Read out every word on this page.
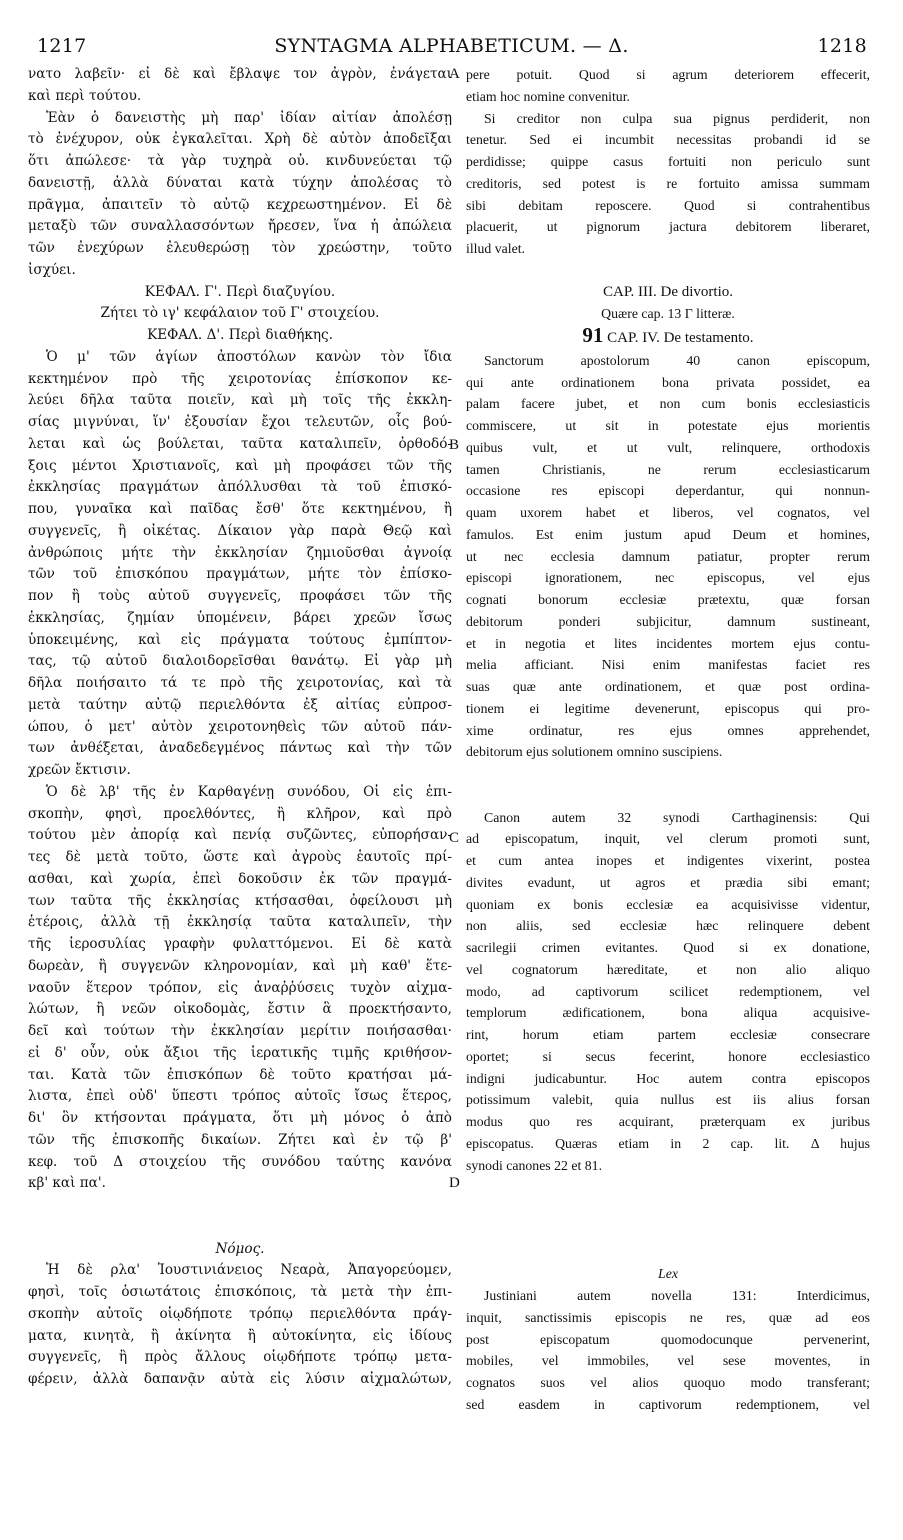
1217	SYNTAGMA ALPHABETICUM. — Δ.	1218
A
B
C
D
νατο λαβεῖν· εἰ δὲ καὶ ἔβλαψε τον ἀγρὸν, ἐνάγεται
καὶ περὶ τούτου.
Ἐὰν ὁ δανειστὴς μὴ παρ' ἰδίαν αἰτίαν ἀπολέσῃ
τὸ ἐνέχυρον, οὐκ ἐγκαλεῖται. Χρὴ δὲ αὐτὸν ἀποδεῖξαι
ὅτι ἀπώλεσε· τὰ γὰρ τυχηρὰ οὐ. κινδυνεύεται τῷ
δανειστῇ, ἀλλὰ δύναται κατὰ τύχην ἀπολέσας τὸ
πρᾶγμα, ἀπαιτεῖν τὸ αὐτῷ κεχρεωστημένον. Εἰ δὲ
μεταξὺ τῶν συναλλασσόντων ἤρεσεν, ἵνα ἡ ἀπώλεια
τῶν ἐνεχύρων ἐλευθερώσῃ τὸν χρεώστην, τοῦτο
ἰσχύει.
ΚΕΦΑΛ. Γ'. Περὶ διαζυγίου.
Ζήτει τὸ ιγ' κεφάλαιον τοῦ Γ' στοιχείου.
ΚΕΦΑΛ. Δ'. Περὶ διαθήκης.
Ὁ μ' τῶν ἁγίων ἀποστόλων κανὼν τὸν ἴδια
κεκτημένον πρὸ τῆς χειροτονίας ἐπίσκοπον κε-
λεύει δῆλα ταῦτα ποιεῖν, καὶ μὴ τοῖς τῆς ἐκκλη-
σίας μιγνύναι, ἵν' ἐξουσίαν ἔχοι τελευτῶν, οἷς βού-
λεται καὶ ὡς βούλεται, ταῦτα καταλιπεῖν, ὀρθοδό-
ξοις μέντοι Χριστιανοῖς, καὶ μὴ προφάσει τῶν τῆς
ἐκκλησίας πραγμάτων ἀπόλλυσθαι τὰ τοῦ ἐπισκό-
που, γυναῖκα καὶ παῖδας ἔσθ' ὅτε κεκτημένου, ἢ
συγγενεῖς, ἢ οἰκέτας. Δίκαιον γὰρ παρὰ Θεῷ καὶ
ἀνθρώποις μήτε τὴν ἐκκλησίαν ζημιοῦσθαι ἀγνοίᾳ
τῶν τοῦ ἐπισκόπου πραγμάτων, μήτε τὸν ἐπίσκο-
πον ἢ τοὺς αὐτοῦ συγγενεῖς, προφάσει τῶν τῆς
ἐκκλησίας, ζημίαν ὑπομένειν, βάρει χρεῶν ἴσως
ὑποκειμένης, καὶ εἰς πράγματα τούτους ἐμπίπτον-
τας, τῷ αὐτοῦ διαλοιδορεῖσθαι θανάτῳ. Εἰ γὰρ μὴ
δῆλα ποιήσαιτο τά τε πρὸ τῆς χειροτονίας, καὶ τὰ
μετὰ ταύτην αὐτῷ περιελθόντα ἐξ αἰτίας εὐπροσ-
ώπου, ὁ μετ' αὐτὸν χειροτονηθεὶς τῶν αὐτοῦ πάν-
των ἀνθέξεται, ἀναδεδεγμένος πάντως καὶ τὴν τῶν
χρεῶν ἔκτισιν.
Ὁ δὲ λβ' τῆς ἐν Καρθαγένῃ συνόδου, Οἱ εἰς ἐπι-
σκοπὴν, φησὶ, προελθόντες, ἢ κλῆρον, καὶ πρὸ
τούτου μὲν ἀπορίᾳ καὶ πενίᾳ συζῶντες, εὐπορήσαν-
τες δὲ μετὰ τοῦτο, ὥστε καὶ ἀγροὺς ἑαυτοῖς πρί-
ασθαι, καὶ χωρία, ἐπεὶ δοκοῦσιν ἐκ τῶν πραγμά-
των ταῦτα τῆς ἐκκλησίας κτήσασθαι, ὀφείλουσι μὴ
ἑτέροις, ἀλλὰ τῇ ἐκκλησίᾳ ταῦτα καταλιπεῖν, τὴν
τῆς ἱεροσυλίας γραφὴν φυλαττόμενοι. Εἰ δὲ κατὰ
δωρεὰν, ἢ συγγενῶν κληρονομίαν, καὶ μὴ καθ' ἕτε-
ναοῦν ἕτερον τρόπον, εἰς ἀναῤῥύσεις τυχὸν αἰχμα-
λώτων, ἢ νεῶν οἰκοδομὰς, ἔστιν ἃ προεκτήσαντο,
δεῖ καὶ τούτων τὴν ἐκκλησίαν μερίτιν ποιήσασθαι·
εἰ δ' οὖν, οὐκ ἄξιοι τῆς ἱερατικῆς τιμῆς κριθήσον-
ται. Κατὰ τῶν ἐπισκόπων δὲ τοῦτο κρατήσαι μά-
λιστα, ἐπεὶ οὐδ' ὕπεστι τρόπος αὐτοῖς ἴσως ἕτερος,
δι' ὃν κτήσονται πράγματα, ὅτι μὴ μόνος ὁ ἀπὸ
τῶν τῆς ἐπισκοπῆς δικαίων. Ζήτει καὶ ἐν τῷ β'
κεφ. τοῦ Δ στοιχείου τῆς συνόδου ταύτης κανόνα
κβ' καὶ πα'.
Νόμος.
Ἡ δὲ ρλα' Ἰουστινιάνειος Νεαρὰ, Ἀπαγορεύομεν,
φησὶ, τοῖς ὁσιωτάτοις ἐπισκόποις, τὰ μετὰ τὴν ἐπι-
σκοπὴν αὐτοῖς οἱῳδήποτε τρόπῳ περιελθόντα πράγ-
ματα, κινητὰ, ἢ ἀκίνητα ἢ αὐτοκίνητα, εἰς ἰδίους
συγγενεῖς, ἢ πρὸς ἄλλους οἱῳδήποτε τρόπῳ μετα-
φέρειν, ἀλλὰ δαπανᾷν αὐτὰ εἰς λύσιν αἰχμαλώτων,
pere potuit. Quod si agrum deteriorem effecerit,
etiam hoc nomine convenitur.
Si creditor non culpa sua pignus perdiderit, non
tenetur. Sed ei incumbit necessitas probandi id se
perdidisse; quippe casus fortuiti non periculo sunt
creditoris, sed potest is re fortuito amissa summam
sibi debitam reposcere. Quod si contrahentibus
placuerit, ut pignorum jactura debitorem liberaret,
illud valet.
CAP. III. De divortio.
Quære cap. 13 Γ litteræ.
91 CAP. IV. De testamento.
Sanctorum apostolorum 40 canon episcopum,
qui ante ordinationem bona privata possidet, ea
palam facere jubet, et non cum bonis ecclesiasticis
commiscere, ut sit in potestate ejus morientis
quibus vult, et ut vult, relinquere, orthodoxis
tamen Christianis, ne rerum ecclesiasticarum
occasione res episcopi deperdantur, qui nonnun-
quam uxorem habet et liberos, vel cognatos, vel
famulos. Est enim justum apud Deum et homines,
ut nec ecclesia damnum patiatur, propter rerum
episcopi ignorationem, nec episcopus, vel ejus
cognati bonorum ecclesiæ prætextu, quæ forsan
debitorum ponderi subjicitur, damnum sustineant,
et in negotia et lites incidentes mortem ejus contu-
melia afficiant. Nisi enim manifestas faciet res
suas quæ ante ordinationem, et quæ post ordina-
tionem ei legitime devenerunt, episcopus qui pro-
xime ordinatur, res ejus omnes apprehendet,
debitorum ejus solutionem omnino suscipiens.
Canon autem 32 synodi Carthaginensis: Qui
ad episcopatum, inquit, vel clerum promoti sunt,
et cum antea inopes et indigentes vixerint, postea
divites evadunt, ut agros et prædia sibi emant;
quoniam ex bonis ecclesiæ ea acquisivisse videntur,
non aliis, sed ecclesiæ hæc relinquere debent
sacrilegii crimen evitantes. Quod si ex donatione,
vel cognatorum hæreditate, et non alio aliquo
modo, ad captivorum scilicet redemptionem, vel
templorum ædificationem, bona aliqua acquisive-
rint, horum etiam partem ecclesiæ consecrare
oportet; si secus fecerint, honore ecclesiastico
indigni judicabuntur. Hoc autem contra episcopos
potissimum valebit, quia nullus est iis alius forsan
modus quo res acquirant, præterquam ex juribus
episcopatus. Quæras etiam in 2 cap. lit. Δ hujus
synodi canones 22 et 81.
Lex
Justiniani autem novella 131: Interdicimus,
inquit, sanctissimis episcopis ne res, quæ ad eos
post episcopatum quomodocunque pervenerint,
mobiles, vel immobiles, vel sese moventes, in
cognatos suos vel alios quoquo modo transferant;
sed easdem in captivorum redemptionem, vel
